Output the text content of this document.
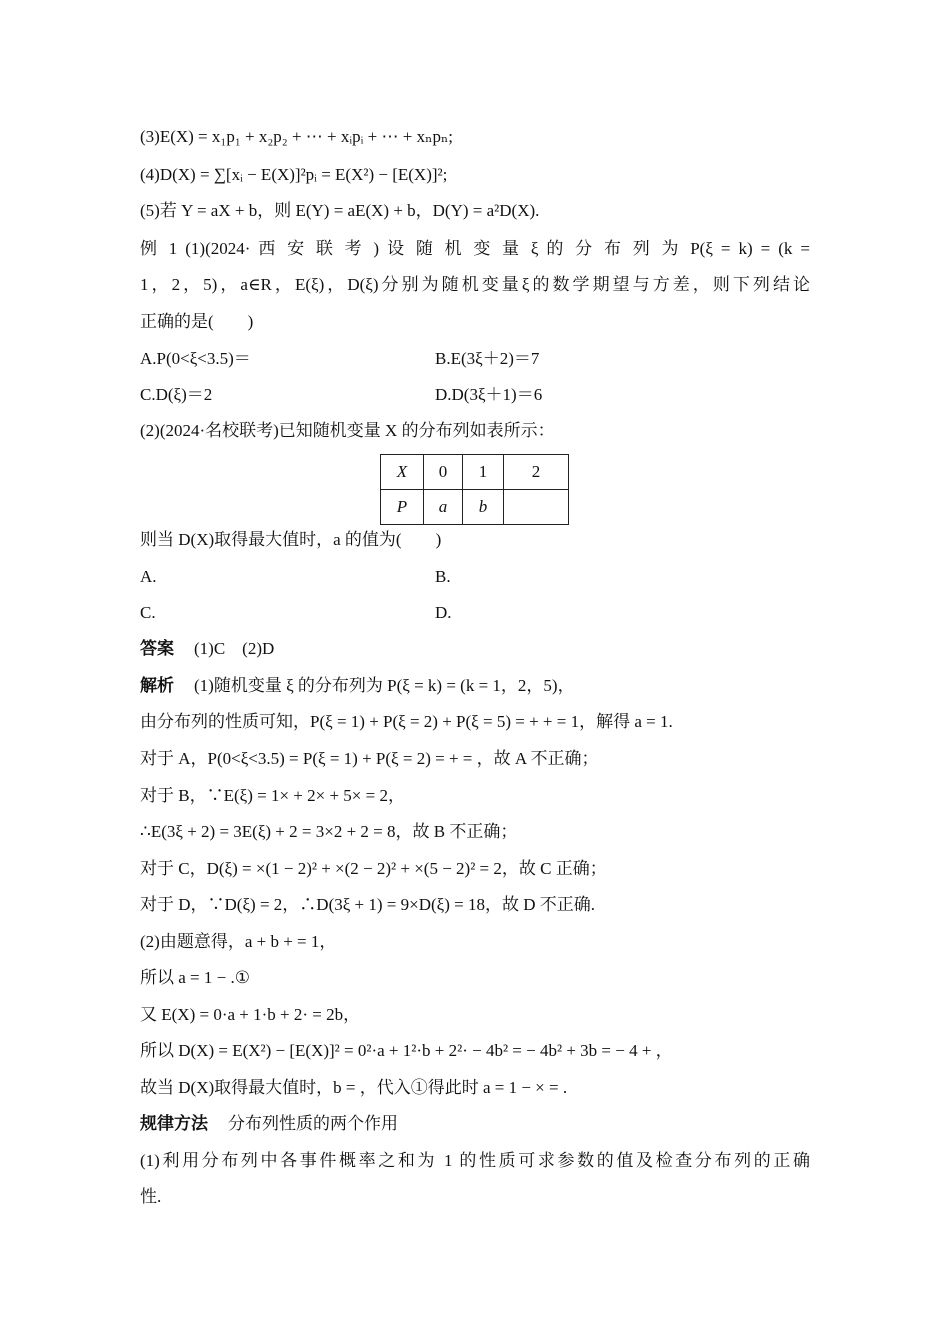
(3)E(X) = x₁p₁ + x₂p₂ + ⋯ + xᵢpᵢ + ⋯ + xₙpₙ;
(4)D(X) = ∑[xᵢ − E(X)]²pᵢ = E(X²) − [E(X)]²;
(5)若 Y = aX + b，则 E(Y) = aE(X) + b，D(Y) = a²D(X).
例 1 (1)(2024· 西 安 联 考 ) 设 随 机 变 量 ξ 的 分 布 列 为 P(ξ = k) = (k =
1，2，5)，a∈R，E(ξ)，D(ξ)分别为随机变量ξ的数学期望与方差，则下列结论
正确的是(　　)
A.P(0<ξ<3.5)＝	B.E(3ξ＋2)＝7
C.D(ξ)＝2	D.D(3ξ＋1)＝6
(2)(2024·名校联考)已知随机变量 X 的分布列如表所示：
X	0	1	2
P	a	b	
则当 D(X)取得最大值时，a 的值为(　　)
A.	B.
C.	D.
答案 (1)C　(2)D
解析 (1)随机变量 ξ 的分布列为 P(ξ = k) = (k = 1，2，5)，
由分布列的性质可知，P(ξ = 1) + P(ξ = 2) + P(ξ = 5) = + + = 1，解得 a = 1.
对于 A，P(0<ξ<3.5) = P(ξ = 1) + P(ξ = 2) = + = ，故 A 不正确；
对于 B，∵E(ξ) = 1× + 2× + 5× = 2，
∴E(3ξ + 2) = 3E(ξ) + 2 = 3×2 + 2 = 8，故 B 不正确；
对于 C，D(ξ) = ×(1 − 2)² + ×(2 − 2)² + ×(5 − 2)² = 2，故 C 正确；
对于 D，∵D(ξ) = 2，∴D(3ξ + 1) = 9×D(ξ) = 18，故 D 不正确.
(2)由题意得，a + b + = 1，
所以 a = 1 − .①
又 E(X) = 0·a + 1·b + 2· = 2b，
所以 D(X) = E(X²) − [E(X)]² = 0²·a + 1²·b + 2²· − 4b² = − 4b² + 3b = − 4 + ，
故当 D(X)取得最大值时，b = ，代入①得此时 a = 1 − × = .
规律方法 分布列性质的两个作用
(1)利用分布列中各事件概率之和为 1 的性质可求参数的值及检查分布列的正确
性.
